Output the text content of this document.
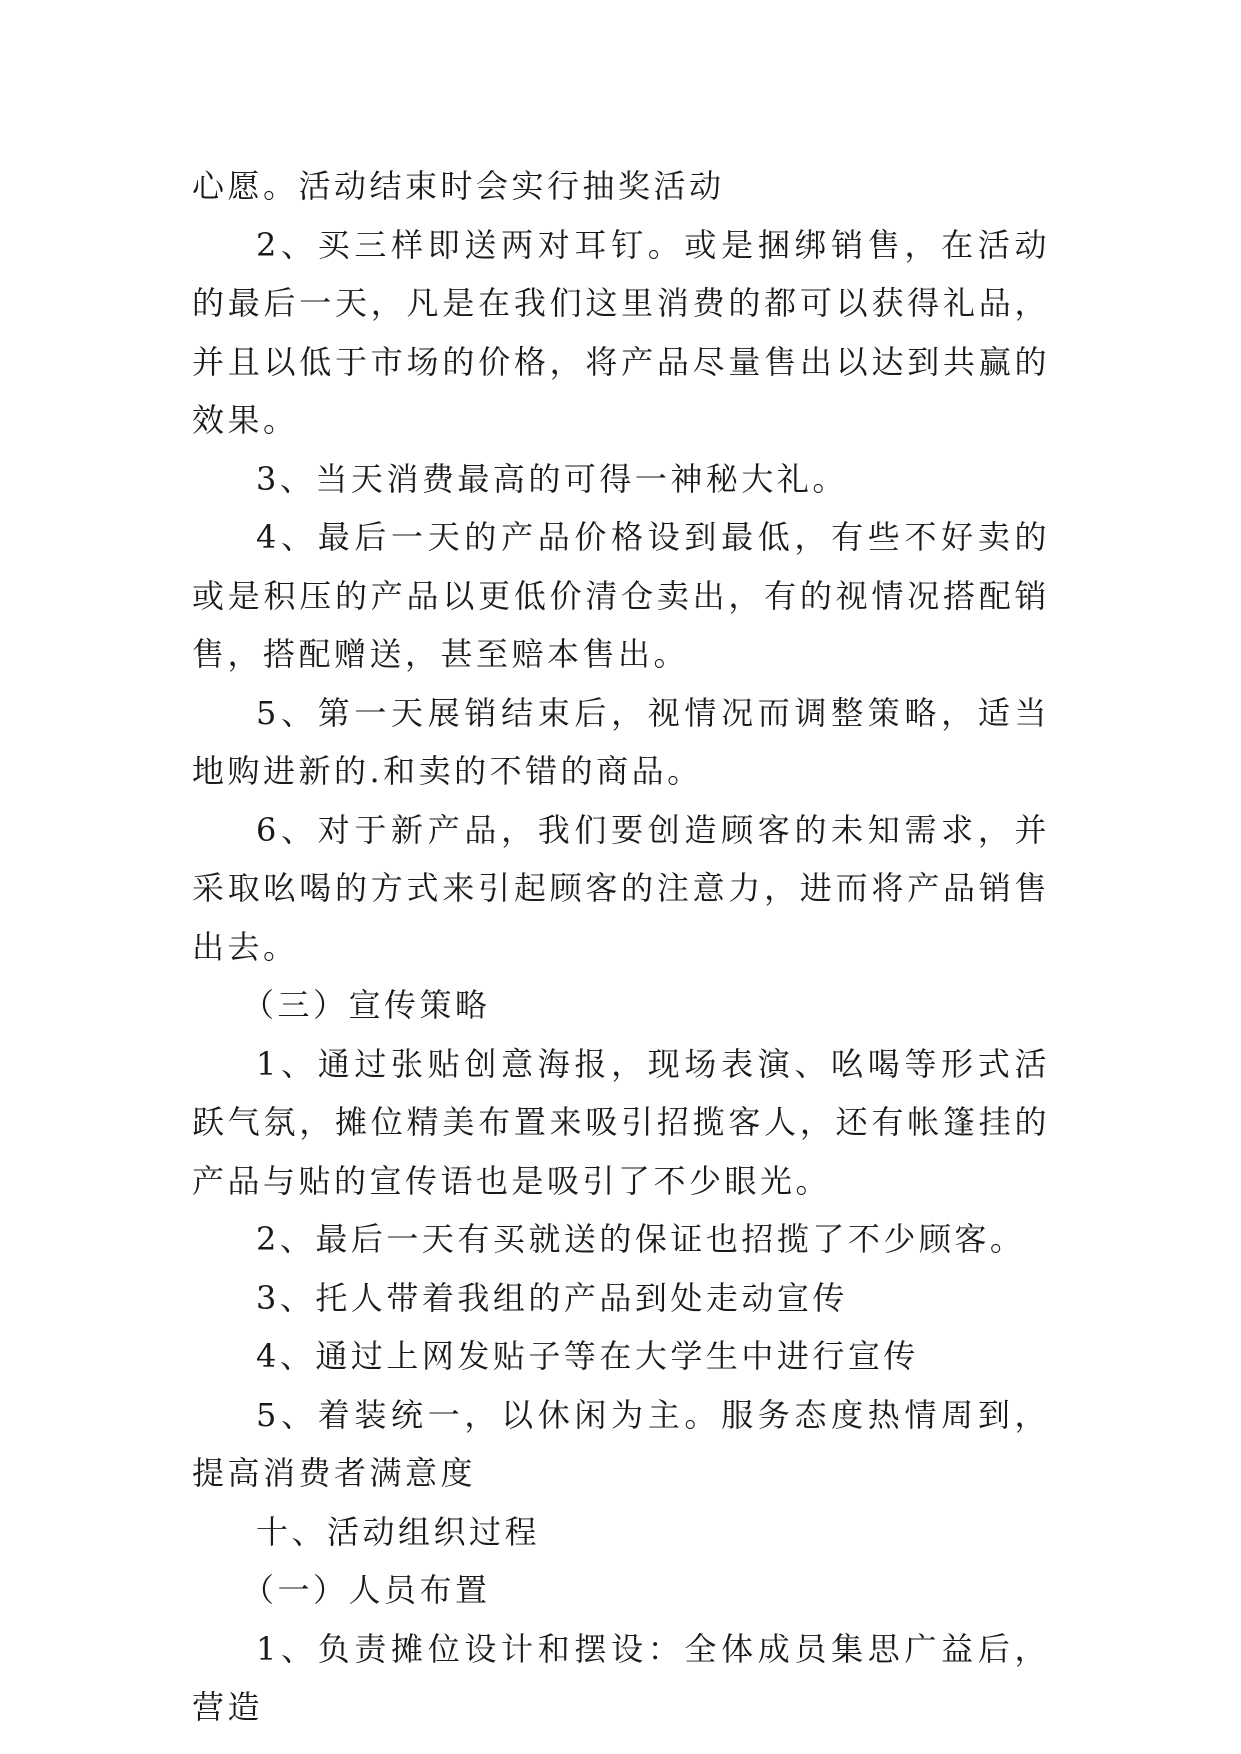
心愿。活动结束时会实行抽奖活动

2、买三样即送两对耳钉。或是捆绑销售，在活动的最后一天，凡是在我们这里消费的都可以获得礼品，并且以低于市场的价格，将产品尽量售出以达到共赢的效果。

3、当天消费最高的可得一神秘大礼。

4、最后一天的产品价格设到最低，有些不好卖的或是积压的产品以更低价清仓卖出，有的视情况搭配销售，搭配赠送，甚至赔本售出。

5、第一天展销结束后，视情况而调整策略，适当地购进新的.和卖的不错的商品。

6、对于新产品，我们要创造顾客的未知需求，并采取吆喝的方式来引起顾客的注意力，进而将产品销售出去。

（三）宣传策略

1、通过张贴创意海报，现场表演、吆喝等形式活跃气氛，摊位精美布置来吸引招揽客人，还有帐篷挂的产品与贴的宣传语也是吸引了不少眼光。

2、最后一天有买就送的保证也招揽了不少顾客。

3、托人带着我组的产品到处走动宣传

4、通过上网发贴子等在大学生中进行宣传

5、着装统一，以休闲为主。服务态度热情周到，提高消费者满意度

十、活动组织过程

（一）人员布置

1、负责摊位设计和摆设：全体成员集思广益后，营造
